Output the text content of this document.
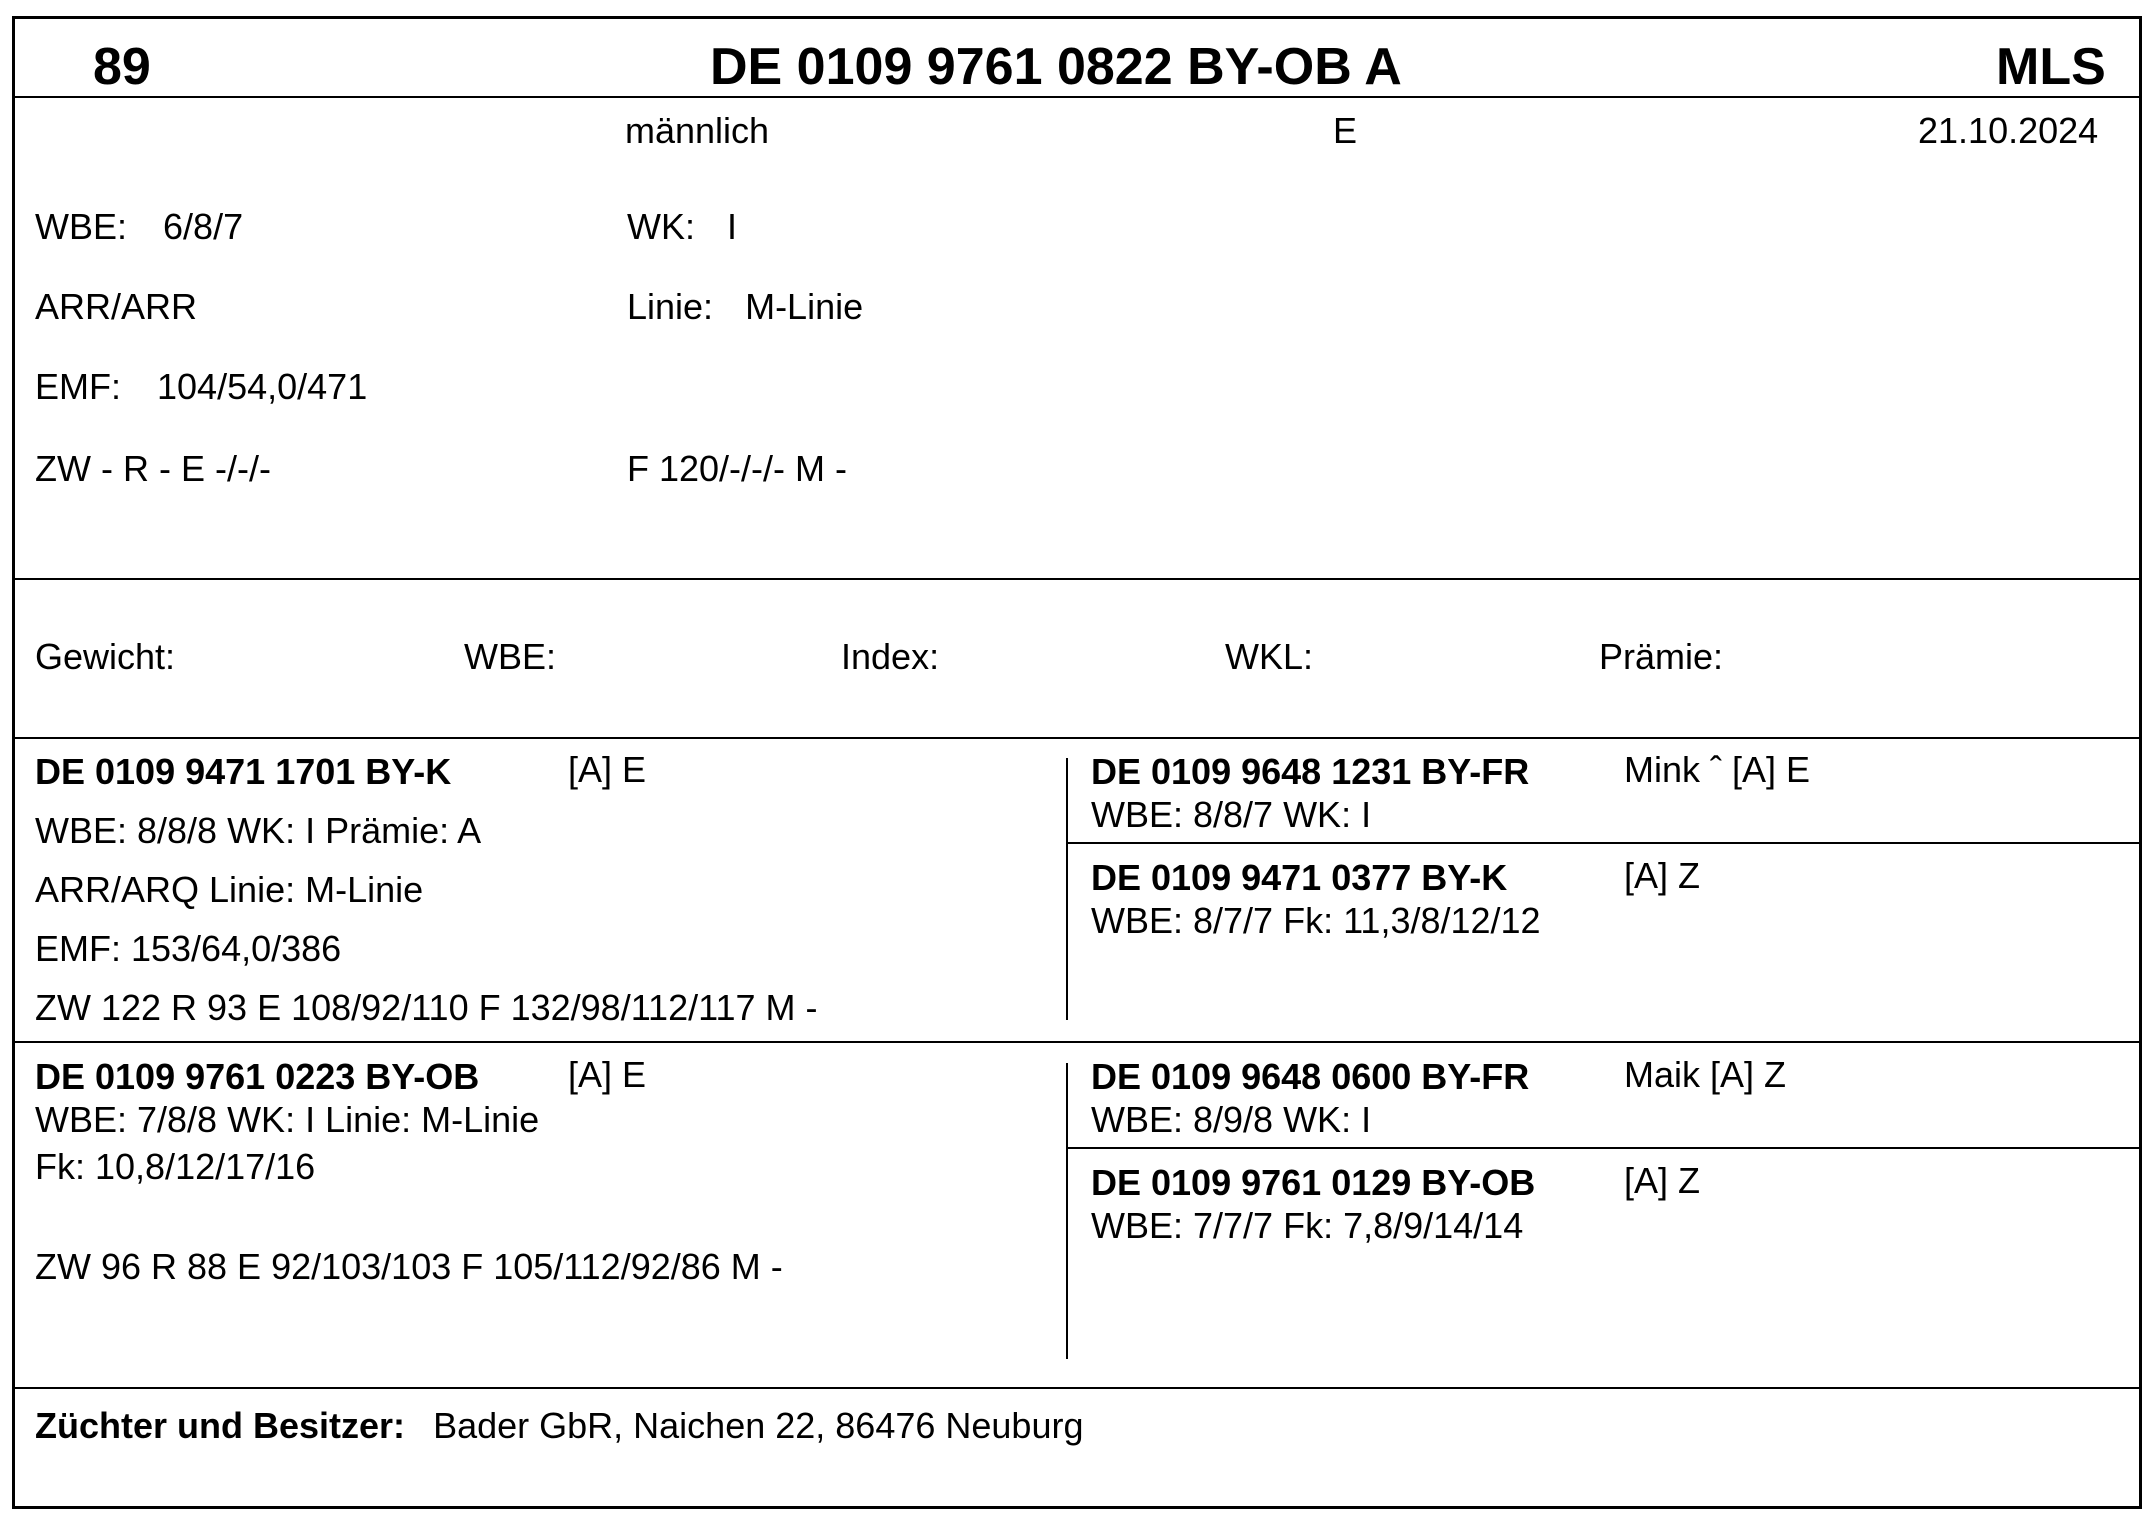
89	DE 0109 9761 0822 BY-OB A	MLS
männlich	E	21.10.2024
WBE: 6/8/7	WK: I
ARR/ARR	Linie: M-Linie
EMF: 104/54,0/471
ZW - R - E -/-/-	F 120/-/-/- M -
Gewicht:	WBE:	Index:	WKL:	Prämie:
DE 0109 9471 1701 BY-K	[A] E
WBE: 8/8/8 WK: I Prämie: A
ARR/ARQ Linie: M-Linie
EMF: 153/64,0/386
ZW 122 R 93 E 108/92/110 F 132/98/112/117 M -
DE 0109 9648 1231 BY-FR	Mink ˆ [A] E
WBE: 8/8/7 WK: I
DE 0109 9471 0377 BY-K	[A] Z
WBE: 8/7/7 Fk: 11,3/8/12/12
DE 0109 9761 0223 BY-OB [A] E
WBE: 7/8/8 WK: I Linie: M-Linie
Fk: 10,8/12/17/16
ZW 96 R 88 E 92/103/103 F 105/112/92/86 M -
DE 0109 9648 0600 BY-FR	Maik [A] Z
WBE: 8/9/8 WK: I
DE 0109 9761 0129 BY-OB [A] Z
WBE: 7/7/7 Fk: 7,8/9/14/14
Züchter und Besitzer: Bader GbR, Naichen 22, 86476 Neuburg
